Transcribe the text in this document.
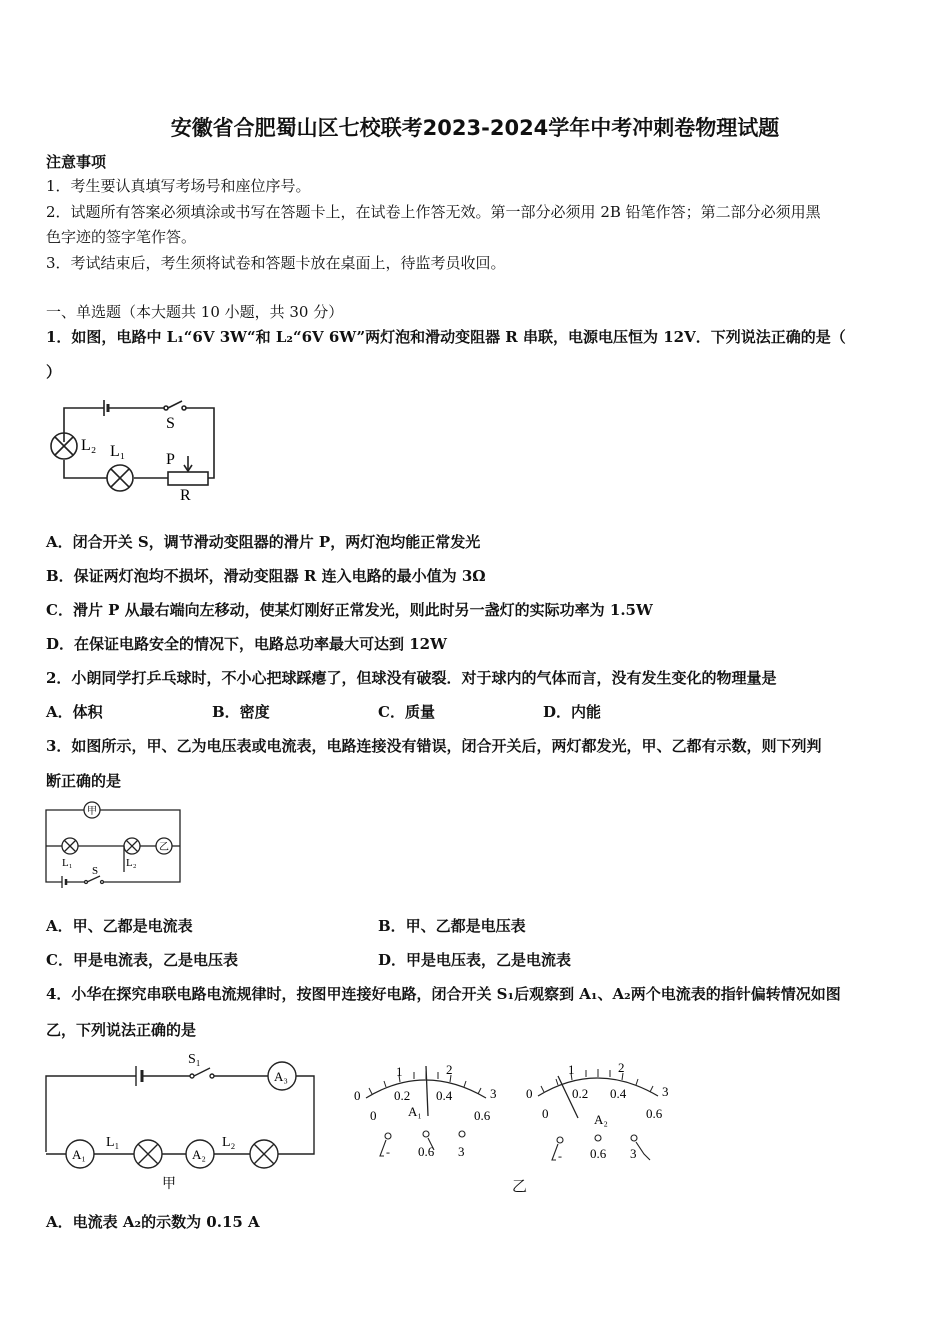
安徽省合肥蜀山区七校联考2023-2024学年中考冲刺卷物理试题
注意事项
1．考生要认真填写考场号和座位序号。
2．试题所有答案必须填涂或书写在答题卡上，在试卷上作答无效。第一部分必须用 2B 铅笔作答；第二部分必须用黑
色字迹的签字笔作答。
3．考试结束后，考生须将试卷和答题卡放在桌面上，待监考员收回。
一、单选题（本大题共 10 小题，共 30 分）
1．如图，电路中 L₁“6V 3W“和 L₂“6V 6W”两灯泡和滑动变阻器 R 串联，电源电压恒为 12V．下列说法正确的是（
）
S
L₂ L₁	P
R
A．闭合开关 S，调节滑动变阻器的滑片 P，两灯泡均能正常发光
B．保证两灯泡均不损坏，滑动变阻器 R 连入电路的最小值为 3Ω
C．滑片 P 从最右端向左移动，使某灯刚好正常发光，则此时另一盏灯的实际功率为 1.5W
D．在保证电路安全的情况下，电路总功率最大可达到 12W
2．小朗同学打乒乓球时，不小心把球踩瘪了，但球没有破裂．对于球内的气体而言，没有发生变化的物理量是
A．体积	B．密度	C．质量	D．内能
3．如图所示，甲、乙为电压表或电流表，电路连接没有错误，闭合开关后，两灯都发光，甲、乙都有示数，则下列判
断正确的是
甲
乙
L₁	L₂
S
A．甲、乙都是电流表	B．甲、乙都是电压表
C．甲是电流表，乙是电压表	D．甲是电压表，乙是电流表
4．小华在探究串联电路电流规律时，按图甲连接好电路，闭合开关 S₁后观察到 A₁、A₂两个电流表的指针偏转情况如图
乙，下列说法正确的是
S₁
A₃
A₁
L₁
A₂
L₂
甲
0
1	2
3
0
0.2 0.4
0.6
A₁
- 0.6 3
0
1	2
3
0
0.2 0.4
0.6
A₂
- 0.6 3
乙
A．电流表 A₂的示数为 0.15 A
